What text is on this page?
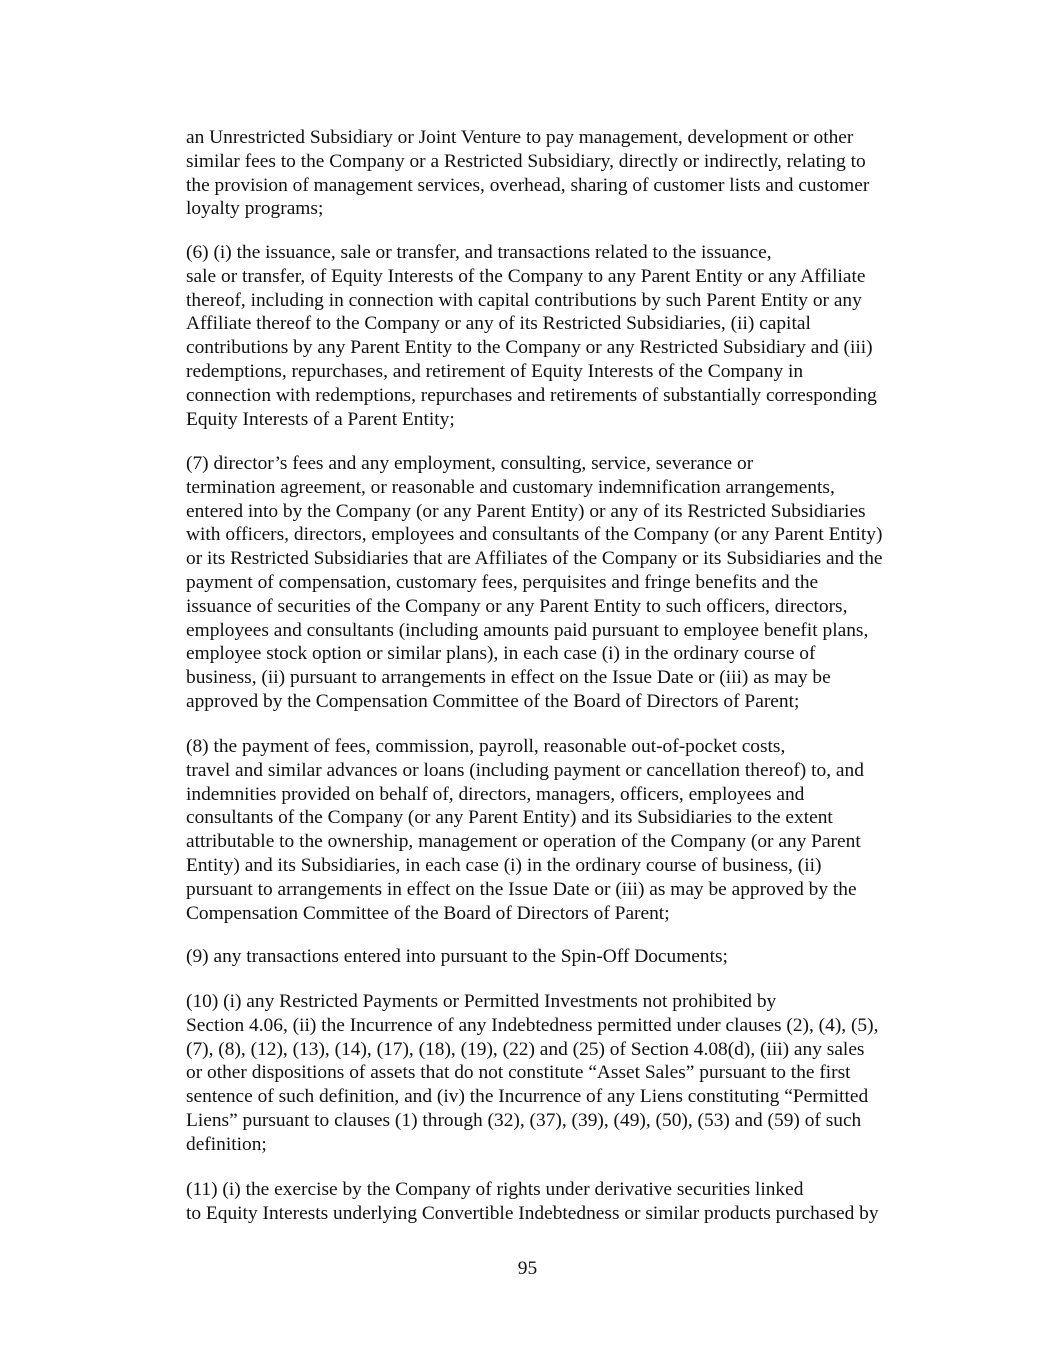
an Unrestricted Subsidiary or Joint Venture to pay management, development or other
similar fees to the Company or a Restricted Subsidiary, directly or indirectly, relating to
the provision of management services, overhead, sharing of customer lists and customer
loyalty programs;

(6) (i) the issuance, sale or transfer, and transactions related to the issuance,
sale or transfer, of Equity Interests of the Company to any Parent Entity or any Affiliate
thereof, including in connection with capital contributions by such Parent Entity or any
Affiliate thereof to the Company or any of its Restricted Subsidiaries, (ii) capital
contributions by any Parent Entity to the Company or any Restricted Subsidiary and (iii)
redemptions, repurchases, and retirement of Equity Interests of the Company in
connection with redemptions, repurchases and retirements of substantially corresponding
Equity Interests of a Parent Entity;

(7) director’s fees and any employment, consulting, service, severance or
termination agreement, or reasonable and customary indemnification arrangements,
entered into by the Company (or any Parent Entity) or any of its Restricted Subsidiaries
with officers, directors, employees and consultants of the Company (or any Parent Entity)
or its Restricted Subsidiaries that are Affiliates of the Company or its Subsidiaries and the
payment of compensation, customary fees, perquisites and fringe benefits and the
issuance of securities of the Company or any Parent Entity to such officers, directors,
employees and consultants (including amounts paid pursuant to employee benefit plans,
employee stock option or similar plans), in each case (i) in the ordinary course of
business, (ii) pursuant to arrangements in effect on the Issue Date or (iii) as may be
approved by the Compensation Committee of the Board of Directors of Parent;

(8) the payment of fees, commission, payroll, reasonable out-of-pocket costs,
travel and similar advances or loans (including payment or cancellation thereof) to, and
indemnities provided on behalf of, directors, managers, officers, employees and
consultants of the Company (or any Parent Entity) and its Subsidiaries to the extent
attributable to the ownership, management or operation of the Company (or any Parent
Entity) and its Subsidiaries, in each case (i) in the ordinary course of business, (ii)
pursuant to arrangements in effect on the Issue Date or (iii) as may be approved by the
Compensation Committee of the Board of Directors of Parent;

(9) any transactions entered into pursuant to the Spin-Off Documents;

(10) (i) any Restricted Payments or Permitted Investments not prohibited by
Section 4.06, (ii) the Incurrence of any Indebtedness permitted under clauses (2), (4), (5),
(7), (8), (12), (13), (14), (17), (18), (19), (22) and (25) of Section 4.08(d), (iii) any sales
or other dispositions of assets that do not constitute “Asset Sales” pursuant to the first
sentence of such definition, and (iv) the Incurrence of any Liens constituting “Permitted
Liens” pursuant to clauses (1) through (32), (37), (39), (49), (50), (53) and (59) of such
definition;

(11) (i) the exercise by the Company of rights under derivative securities linked
to Equity Interests underlying Convertible Indebtedness or similar products purchased by

95
